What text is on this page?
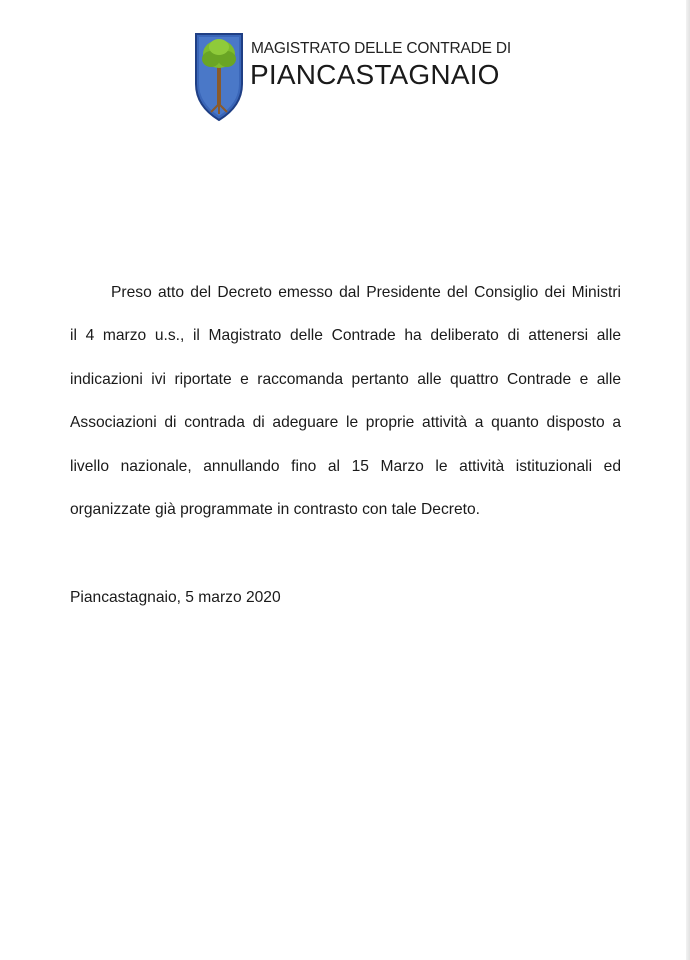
MAGISTRATO DELLE CONTRADE DI
PIANCASTAGNAIO
Preso atto del Decreto emesso dal Presidente del Consiglio dei Ministri
il 4 marzo u.s., il Magistrato delle Contrade ha deliberato di attenersi alle
indicazioni ivi riportate e raccomanda pertanto alle quattro Contrade e alle
Associazioni di contrada di adeguare le proprie attività a quanto disposto a
livello nazionale, annullando fino al 15 Marzo le attività istituzionali ed
organizzate già programmate in contrasto con tale Decreto.
Piancastagnaio, 5 marzo 2020
